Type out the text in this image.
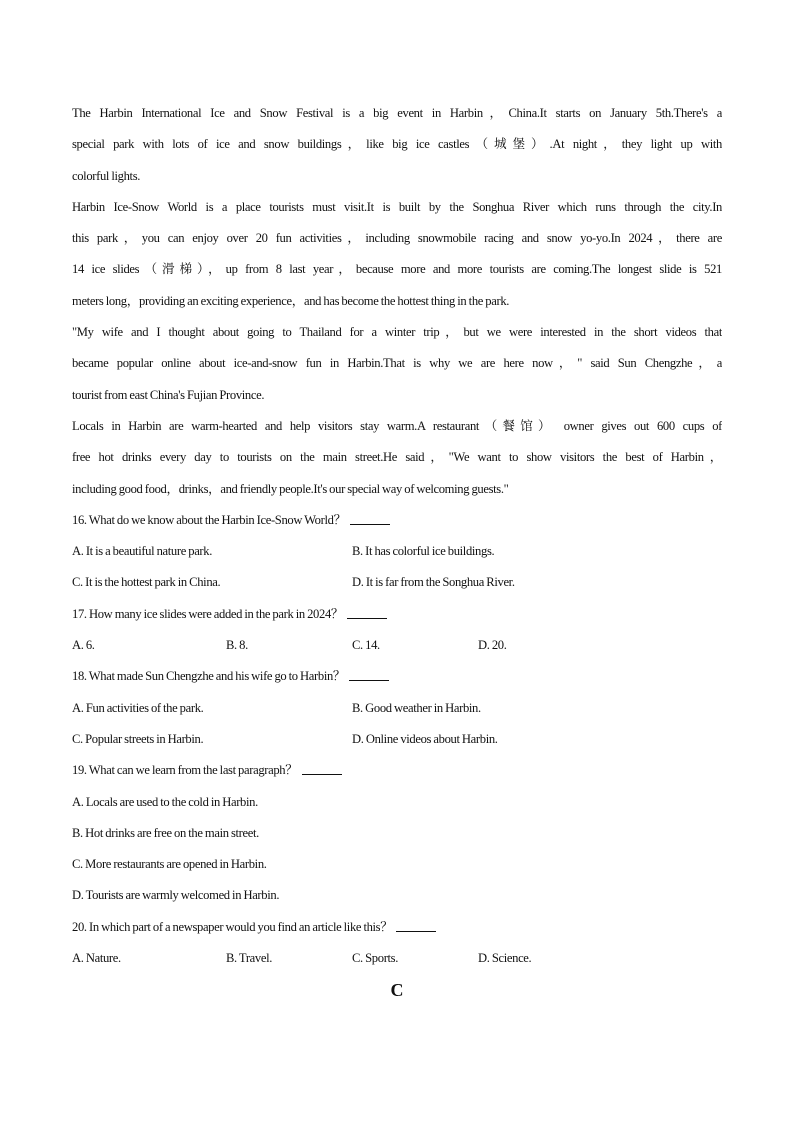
The Harbin International Ice and Snow Festival is a big event in Harbin，China.It starts on January 5th.There's a
special park with lots of ice and snow buildings，like big ice castles（城堡）.At night，they light up with
colorful lights.
Harbin Ice-Snow World is a place tourists must visit.It is built by the Songhua River which runs through the city.In
this park，you can enjoy over 20 fun activities，including snowmobile racing and snow yo-yo.In 2024，there are
14 ice slides（滑梯），up from 8 last year，because more and more tourists are coming.The longest slide is 521
meters long，providing an exciting experience，and has become the hottest thing in the park.
"My wife and I thought about going to Thailand for a winter trip，but we were interested in the short videos that
became popular online about ice-and-snow fun in Harbin.That is why we are here now，" said Sun Chengzhe，a
tourist from east China's Fujian Province.
Locals in Harbin are warm-hearted and help visitors stay warm.A restaurant（餐馆） owner gives out 600 cups of
free hot drinks every day to tourists on the main street.He said，"We want to show visitors the best of Harbin，
including good food，drinks，and friendly people.It's our special way of welcoming guests."
16. What do we know about the Harbin Ice-Snow World？
A. It is a beautiful nature park.	B. It has colorful ice buildings.
C. It is the hottest park in China.	D. It is far from the Songhua River.
17. How many ice slides were added in the park in 2024？
A. 6.	B. 8.	C. 14.	D. 20.
18. What made Sun Chengzhe and his wife go to Harbin？
A. Fun activities of the park.	B. Good weather in Harbin.
C. Popular streets in Harbin.	D. Online videos about Harbin.
19. What can we learn from the last paragraph？
A. Locals are used to the cold in Harbin.
B. Hot drinks are free on the main street.
C. More restaurants are opened in Harbin.
D. Tourists are warmly welcomed in Harbin.
20. In which part of a newspaper would you find an article like this？
A. Nature.	B. Travel.	C. Sports.	D. Science.
C
